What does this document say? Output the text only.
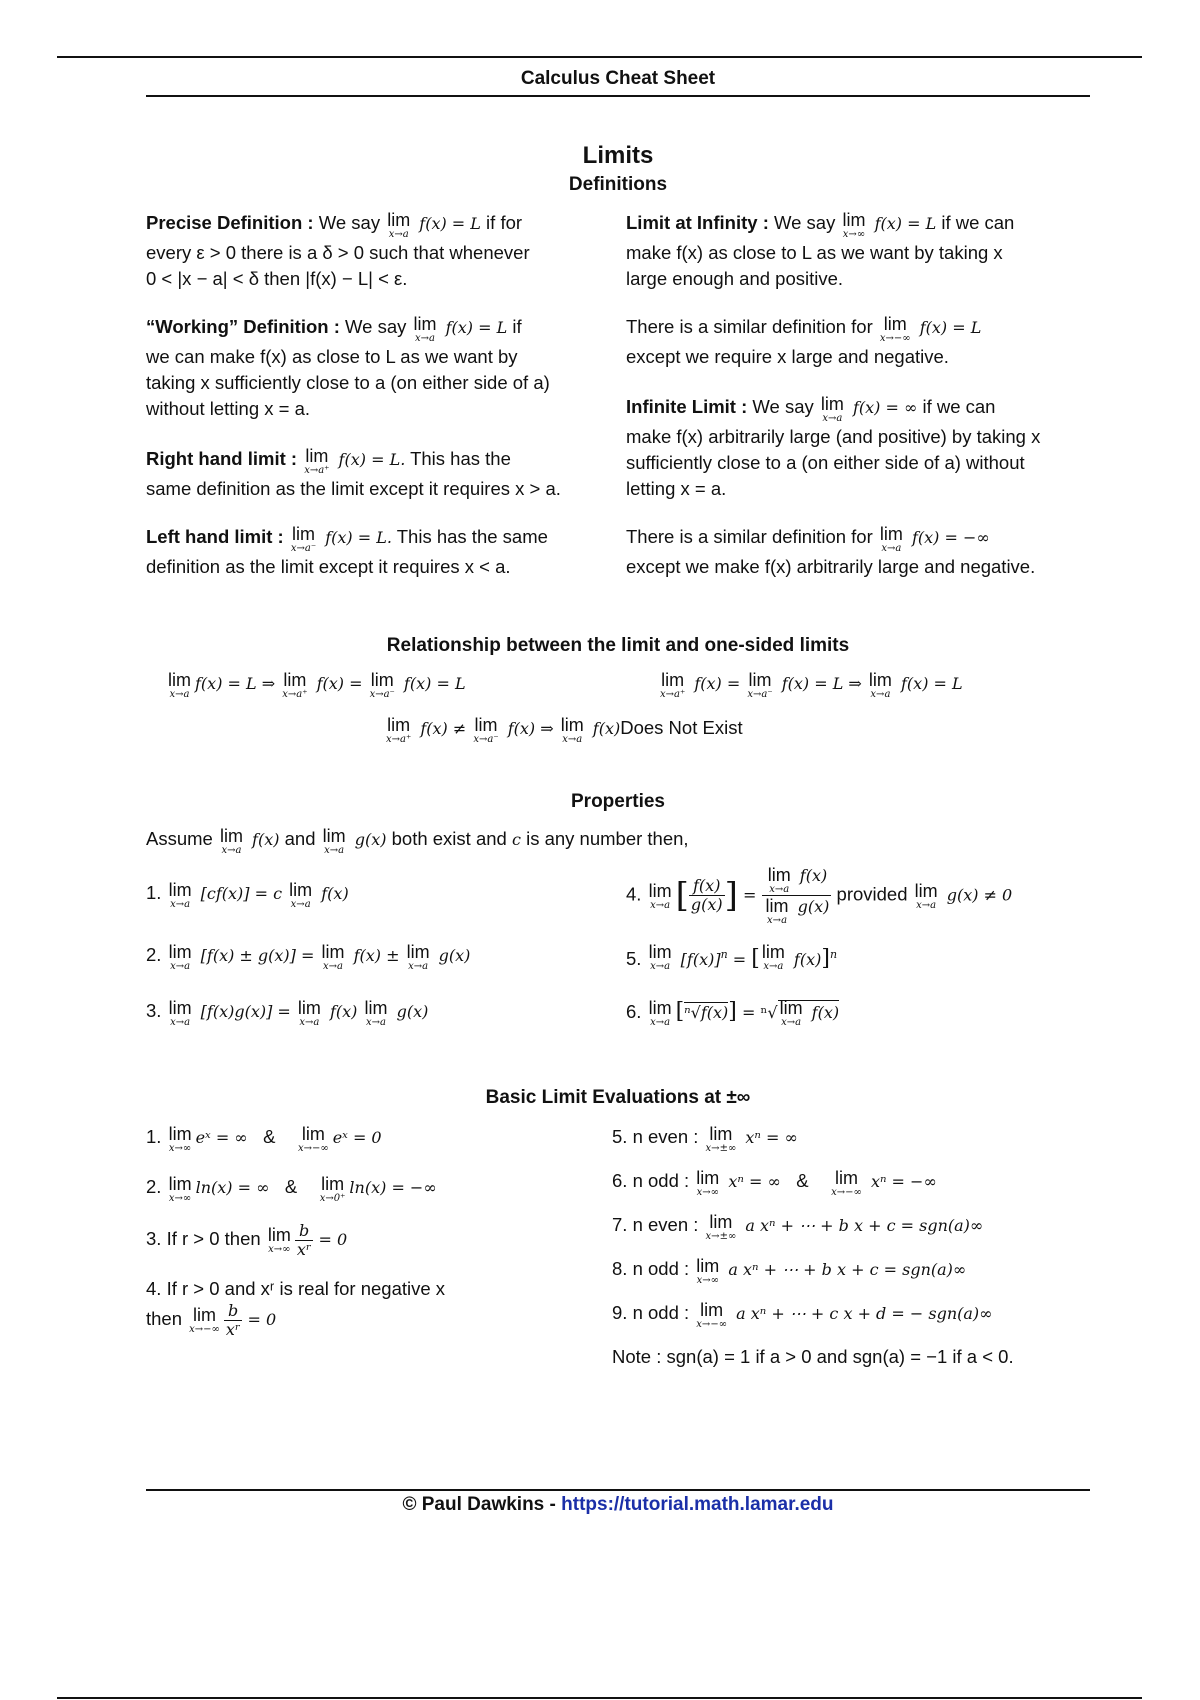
Calculus Cheat Sheet
Limits
Definitions
Precise Definition : We say lim
x→a
f(x) = L if for
every ε > 0 there is a δ > 0 such that whenever
0 < |x − a| < δ then |f(x) − L| < ε.
“Working” Definition : We say lim
x→a
f(x) = L if
we can make f(x) as close to L as we want by
taking x sufficiently close to a (on either side of a)
without letting x = a.
Right hand limit : lim
x→a⁺
f(x) = L. This has the
same definition as the limit except it requires x > a.
Left hand limit : lim
x→a⁻
f(x) = L. This has the same
definition as the limit except it requires x < a.
Limit at Infinity : We say lim
x→∞
f(x) = L if we can
make f(x) as close to L as we want by taking x
large enough and positive.
There is a similar definition for lim
x→−∞
f(x) = L
except we require x large and negative.
Infinite Limit : We say lim
x→a
f(x) = ∞ if we can
make f(x) arbitrarily large (and positive) by taking x
sufficiently close to a (on either side of a) without
letting x = a.
There is a similar definition for lim
x→a
f(x) = −∞
except we make f(x) arbitrarily large and negative.
Relationship between the limit and one-sided limits
lim
x→a
f(x) = L ⇒ lim
x→a⁺
f(x) = lim
x→a⁻
f(x) = L	lim
x→a⁺
f(x) = lim
x→a⁻
f(x) = L ⇒ lim
x→a
f(x) = L
lim
x→a⁺
f(x) ≠ lim
x→a⁻
f(x) ⇒ lim
x→a
f(x)Does Not Exist
Properties
Assume lim
x→a
f(x) and lim
x→a
g(x) both exist and c is any number then,
1. lim
x→a
[cf(x)] = c lim
x→a
f(x)
2. lim
x→a
[f(x) ± g(x)] = lim
x→a
f(x) ± lim
x→a
g(x)
3. lim
x→a
[f(x)g(x)] = lim
x→a
f(x) lim
x→a
g(x)
4. lim
x→a [ $\frac{f(x)}{g(x)}$ ] = lim
x→a
f(x)
lim
x→a
g(x) provided lim
x→a
g(x) ≠ 0
5. lim
x→a $[f(x)]^n$ = [ lim
x→a f(x)]$^n$
6. lim
x→a [ⁿ√f(x)] = ⁿ√ lim
x→a
f(x)
Basic Limit Evaluations at ±∞
1. lim
x→∞
eˣ = ∞ & lim
x→−∞
eˣ = 0
2. lim
x→∞
ln(x) = ∞ & lim
x→0⁺
ln(x) = −∞
3. If r > 0 then lim
$x\to\infty \frac{b}{\text{xʳ}} = 0$
4. If r > 0 and xʳ is real for negative x
then lim
$x\to-\infty \frac{b}{\text{xʳ}} = 0$
5. n even : lim
x→±∞
xⁿ = ∞
6. n odd : lim
x→∞
xⁿ = ∞ & lim
x→−∞
xⁿ = −∞
7. n even : lim
x→±∞
a xⁿ + ⋯ + b x + c = sgn(a)∞
8. n odd : lim
x→∞
a xⁿ + ⋯ + b x + c = sgn(a)∞
9. n odd : lim
x→−∞
a xⁿ + ⋯ + c x + d = − sgn(a)∞
Note : sgn(a) = 1 if a > 0 and sgn(a) = −1 if a < 0.
© Paul Dawkins - https://tutorial.math.lamar.edu
